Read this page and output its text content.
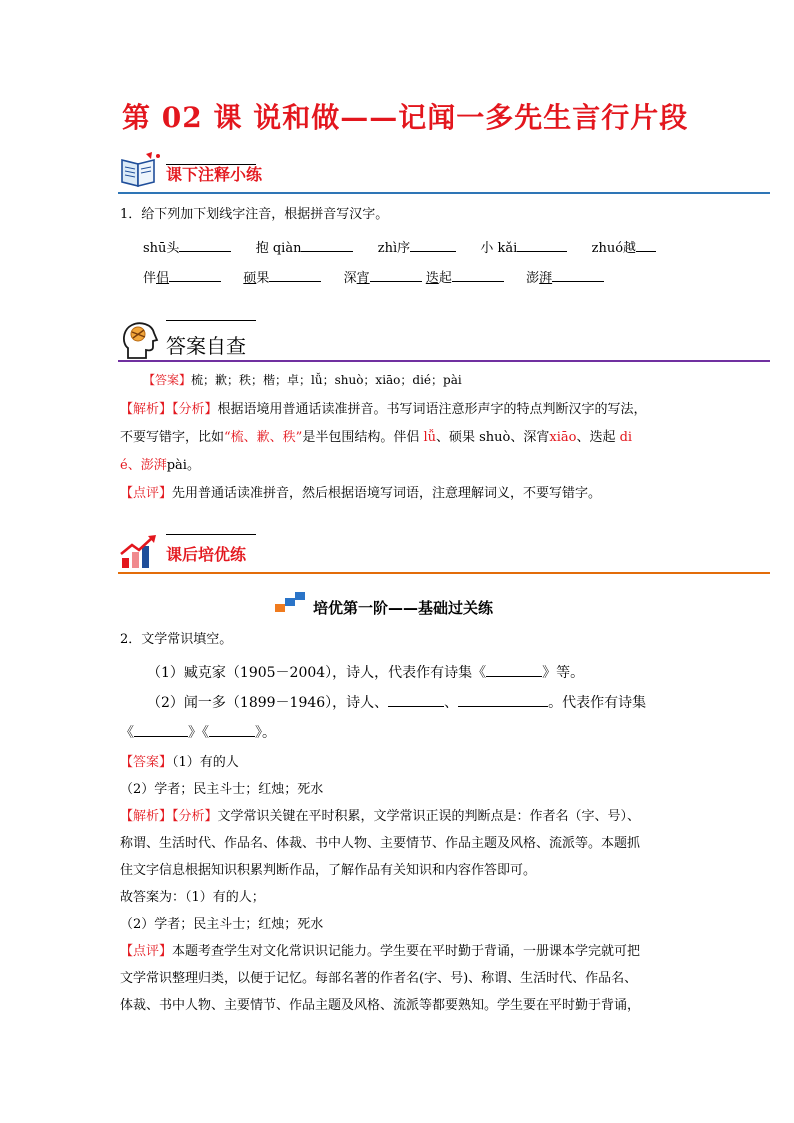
第 02 课 说和做——记闻一多先生言行片段
课下注释小练
1．给下列加下划线字注音，根据拼音写汉字。
shū头	抱 qiàn	zhì序	小 kǎi	zhuó越
伴侣	硕果	深宵	迭起	澎湃
答案自查
【答案】梳；歉；秩；楷；卓；lǚ；shuò；xiāo；dié；pài
【解析】【分析】根据语境用普通话读准拼音。书写词语注意形声字的特点判断汉字的写法，
不要写错字，比如“梳、歉、秩”是半包围结构。伴侣 lǚ、硕果 shuò、深宵xiāo、迭起 di
é、澎湃pài。
【点评】先用普通话读准拼音，然后根据语境写词语，注意理解词义，不要写错字。
课后培优练
培优第一阶——基础过关练
2．文学常识填空。
（1）臧克家（1905－2004），诗人，代表作有诗集《	》等。
（2）闻一多（1899－1946），诗人、	、	。代表作有诗集
《	》《	》。
【答案】（1）有的人
（2）学者；民主斗士；红烛；死水
【解析】【分析】文学常识关键在平时积累，文学常识正误的判断点是：作者名（字、号）、
称谓、生活时代、作品名、体裁、书中人物、主要情节、作品主题及风格、流派等。本题抓
住文字信息根据知识积累判断作品，了解作品有关知识和内容作答即可。
故答案为：（1）有的人；
（2）学者；民主斗士；红烛；死水
【点评】本题考查学生对文化常识识记能力。学生要在平时勤于背诵，一册课本学完就可把
文学常识整理归类，以便于记忆。每部名著的作者名(字、号)、称谓、生活时代、作品名、
体裁、书中人物、主要情节、作品主题及风格、流派等都要熟知。学生要在平时勤于背诵，
